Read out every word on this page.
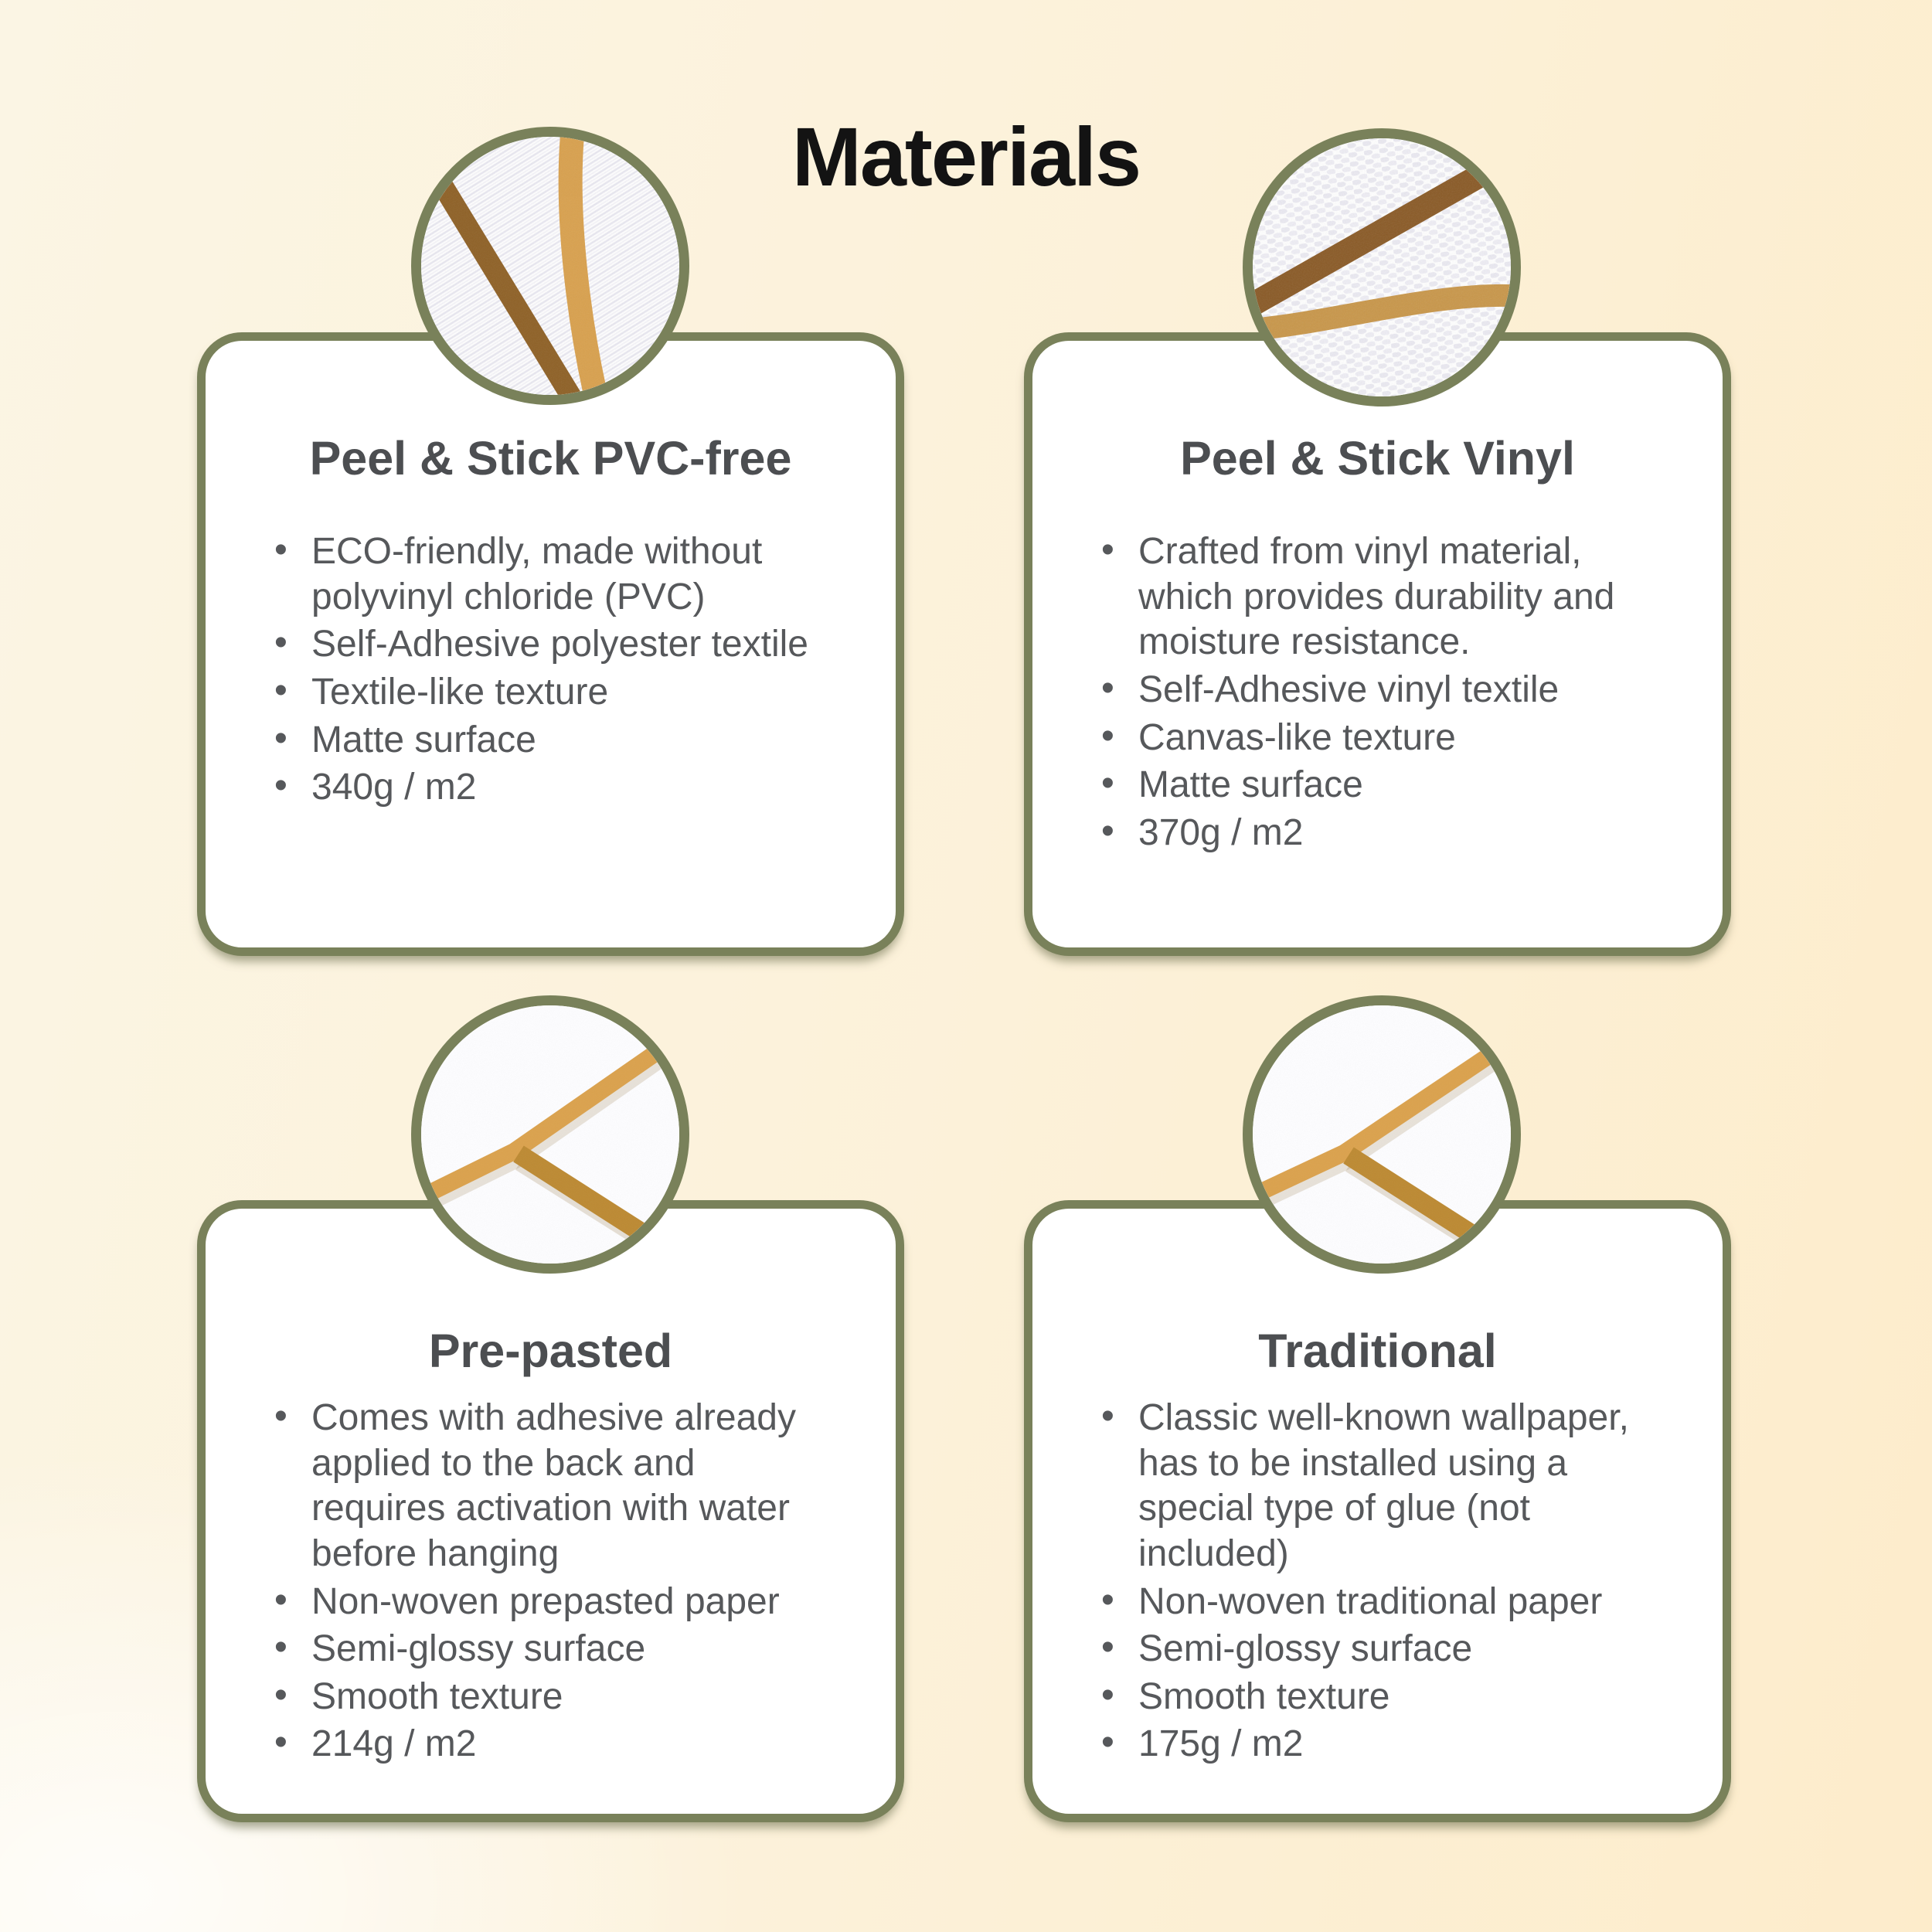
Materials
Peel & Stick PVC-free
• ECO-friendly, made without polyvinyl chloride (PVC)
• Self-Adhesive polyester textile
• Textile-like texture
• Matte surface
• 340g / m2
Peel & Stick Vinyl
• Crafted from vinyl material, which provides durability and moisture resistance.
• Self-Adhesive vinyl textile
• Canvas-like texture
• Matte surface
• 370g / m2
Pre-pasted
• Comes with adhesive already applied to the back and requires activation with water before hanging
• Non-woven prepasted paper
• Semi-glossy surface
• Smooth texture
• 214g / m2
Traditional
• Classic well-known wallpaper, has to be installed using a special type of glue (not included)
• Non-woven traditional paper
• Semi-glossy surface
• Smooth texture
• 175g / m2
